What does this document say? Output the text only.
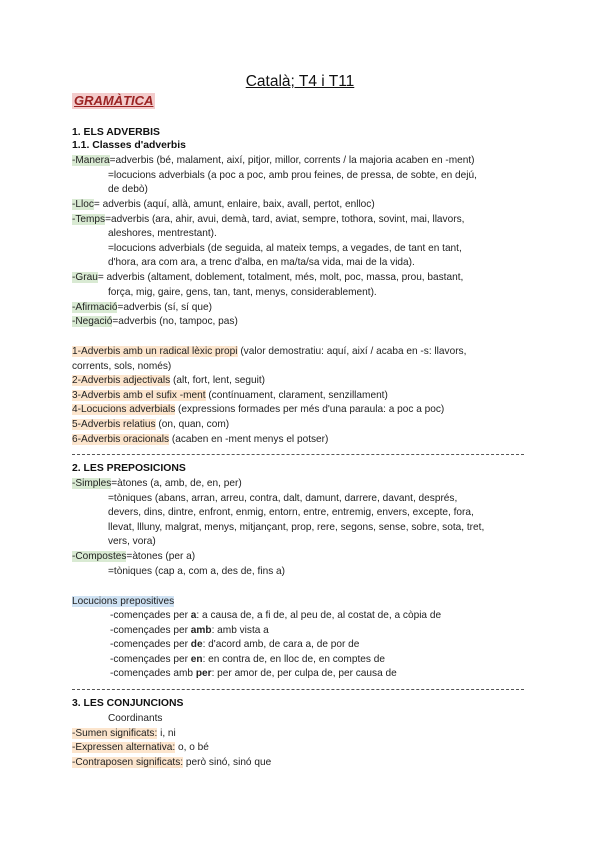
Català; T4 i T11
GRAMÀTICA
1. ELS ADVERBIS
1.1. Classes d'adverbis
-Manera=adverbis (bé, malament, així, pitjor, millor, corrents / la majoria acaben en -ment)
=locucions adverbials (a poc a poc, amb prou feines, de pressa, de sobte, en dejú,
de debò)
-Lloc= adverbis (aquí, allà, amunt, enlaire, baix, avall, pertot, enlloc)
-Temps=adverbis (ara, ahir, avui, demà, tard, aviat, sempre, tothora, sovint, mai, llavors,
aleshores, mentrestant).
=locucions adverbials (de seguida, al mateix temps, a vegades, de tant en tant,
d'hora, ara com ara, a trenc d'alba, en ma/ta/sa vida, mai de la vida).
-Grau= adverbis (altament, doblement, totalment, més, molt, poc, massa, prou, bastant,
força, mig, gaire, gens, tan, tant, menys, considerablement).
-Afirmació=adverbis (sí, sí que)
-Negació=adverbis (no, tampoc, pas)
1-Adverbis amb un radical lèxic propi (valor demostratiu: aquí, així / acaba en -s: llavors,
corrents, sols, només)
2-Adverbis adjectivals (alt, fort, lent, seguit)
3-Adverbis amb el sufix -ment (contínuament, clarament, senzillament)
4-Locucions adverbials (expressions formades per més d'una paraula: a poc a poc)
5-Adverbis relatius (on, quan, com)
6-Adverbis oracionals (acaben en -ment menys el potser)
2. LES PREPOSICIONS
-Simples=àtones (a, amb, de, en, per)
=tòniques (abans, arran, arreu, contra, dalt, damunt, darrere, davant, després,
devers, dins, dintre, enfront, enmig, entorn, entre, entremig, envers, excepte, fora,
llevat, llluny, malgrat, menys, mitjançant, prop, rere, segons, sense, sobre, sota, tret,
vers, vora)
-Compostes=àtones (per a)
=tòniques (cap a, com a, des de, fins a)
Locucions prepositives
-començades per a: a causa de, a fi de, al peu de, al costat de, a còpia de
-començades per amb: amb vista a
-començades per de: d'acord amb, de cara a, de por de
-començades per en: en contra de, en lloc de, en comptes de
-començades amb per: per amor de, per culpa de, per causa de
3. LES CONJUNCIONS
Coordinants
-Sumen significats: i, ni
-Expressen alternativa: o, o bé
-Contraposen significats: però sinó, sinó que
